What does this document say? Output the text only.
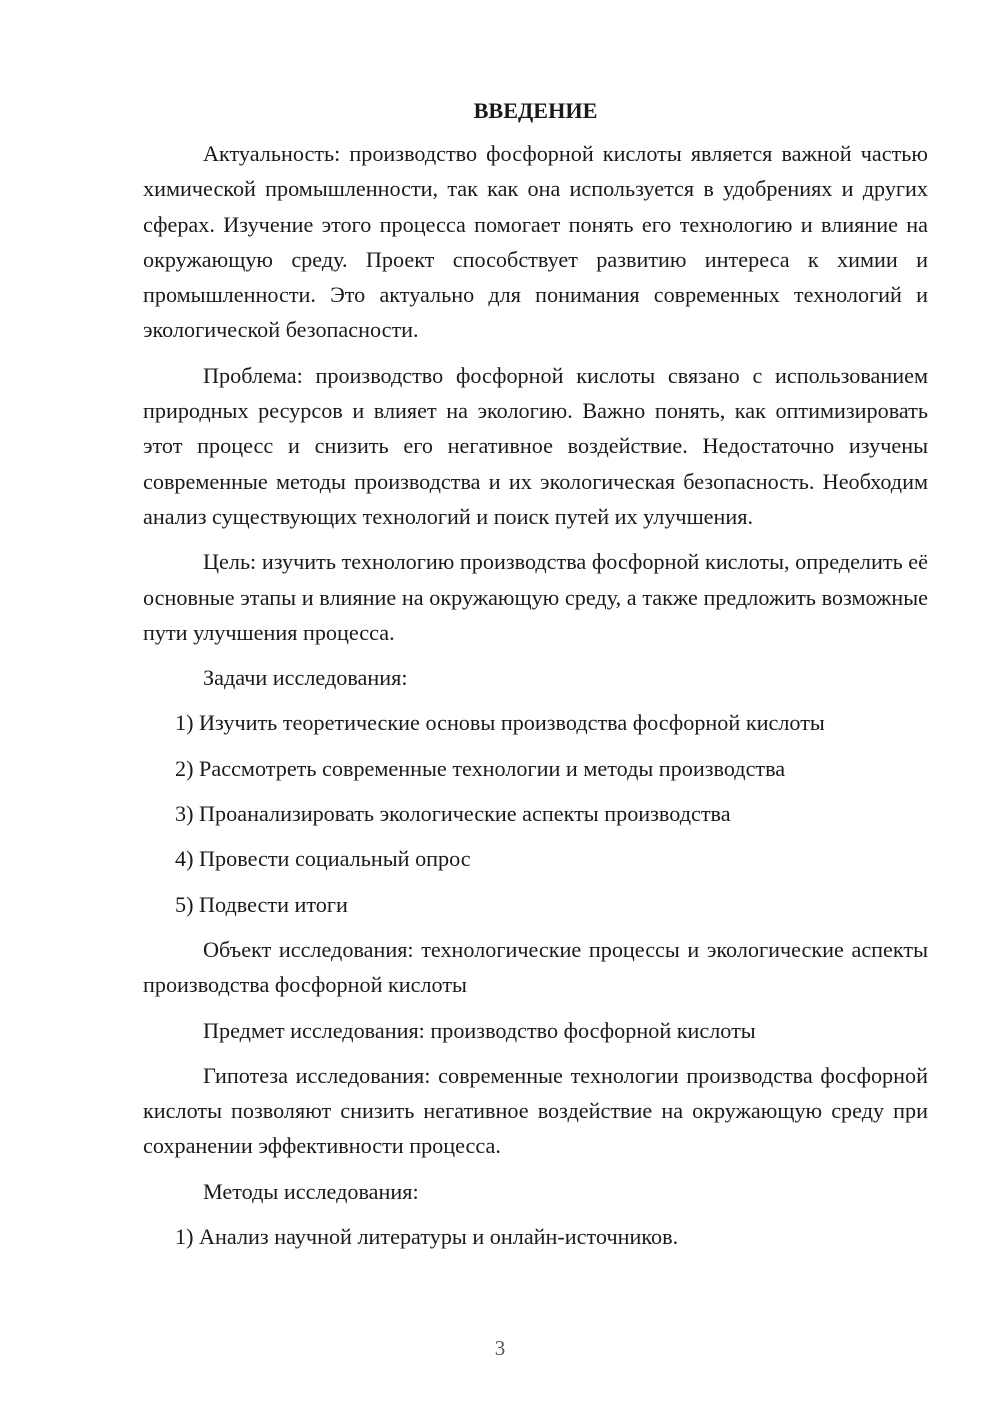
ВВЕДЕНИЕ

Актуальность: производство фосфорной кислоты является важной частью химической промышленности, так как она используется в удобрениях и других сферах. Изучение этого процесса помогает понять его технологию и влияние на окружающую среду. Проект способствует развитию интереса к химии и промышленности. Это актуально для понимания современных технологий и экологической безопасности.

Проблема: производство фосфорной кислоты связано с использованием природных ресурсов и влияет на экологию. Важно понять, как оптимизировать этот процесс и снизить его негативное воздействие. Недостаточно изучены современные методы производства и их экологическая безопасность. Необходим анализ существующих технологий и поиск путей их улучшения.

Цель: изучить технологию производства фосфорной кислоты, определить её основные этапы и влияние на окружающую среду, а также предложить возможные пути улучшения процесса.

Задачи исследования:

1) Изучить теоретические основы производства фосфорной кислоты
2) Рассмотреть современные технологии и методы производства
3) Проанализировать экологические аспекты производства
4) Провести социальный опрос
5) Подвести итоги

Объект исследования: технологические процессы и экологические аспекты производства фосфорной кислоты

Предмет исследования: производство фосфорной кислоты

Гипотеза исследования: современные технологии производства фосфорной кислоты позволяют снизить негативное воздействие на окружающую среду при сохранении эффективности процесса.

Методы исследования:

1) Анализ научной литературы и онлайн-источников.
3
